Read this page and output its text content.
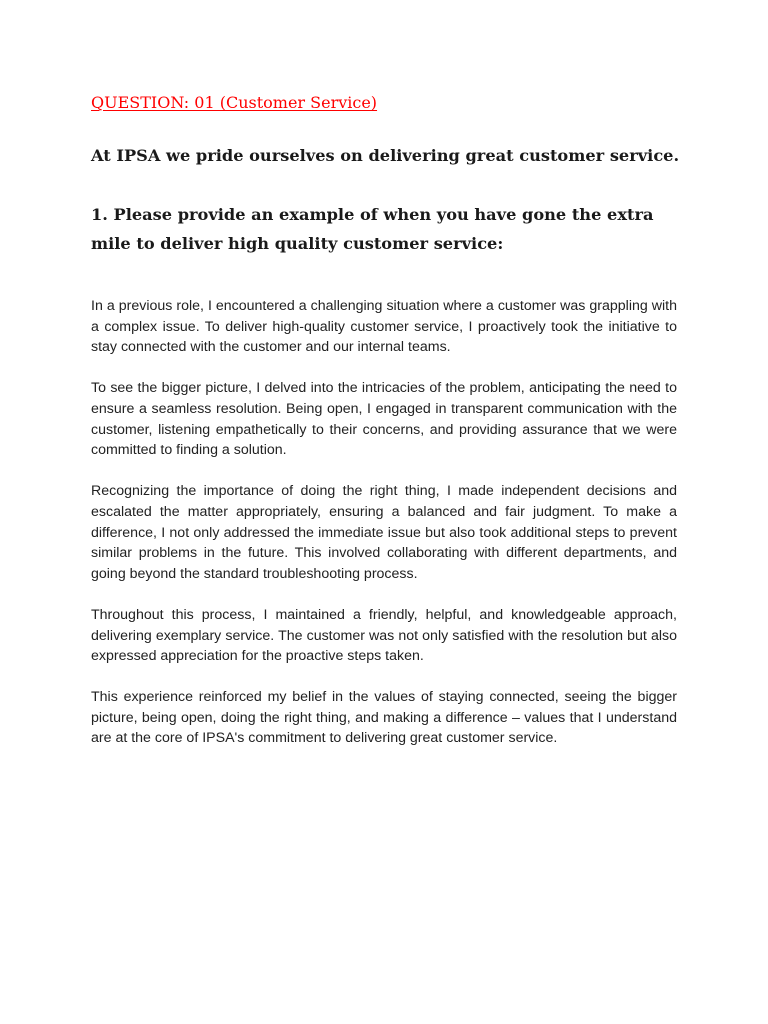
QUESTION: 01 (Customer Service)
At IPSA we pride ourselves on delivering great customer service.
1. Please provide an example of when you have gone the extra mile to deliver high quality customer service:

In a previous role, I encountered a challenging situation where a customer was grappling with a complex issue. To deliver high-quality customer service, I proactively took the initiative to stay connected with the customer and our internal teams.

To see the bigger picture, I delved into the intricacies of the problem, anticipating the need to ensure a seamless resolution. Being open, I engaged in transparent communication with the customer, listening empathetically to their concerns, and providing assurance that we were committed to finding a solution.

Recognizing the importance of doing the right thing, I made independent decisions and escalated the matter appropriately, ensuring a balanced and fair judgment. To make a difference, I not only addressed the immediate issue but also took additional steps to prevent similar problems in the future. This involved collaborating with different departments, and going beyond the standard troubleshooting process.

Throughout this process, I maintained a friendly, helpful, and knowledgeable approach, delivering exemplary service. The customer was not only satisfied with the resolution but also expressed appreciation for the proactive steps taken.

This experience reinforced my belief in the values of staying connected, seeing the bigger picture, being open, doing the right thing, and making a difference – values that I understand are at the core of IPSA's commitment to delivering great customer service.
